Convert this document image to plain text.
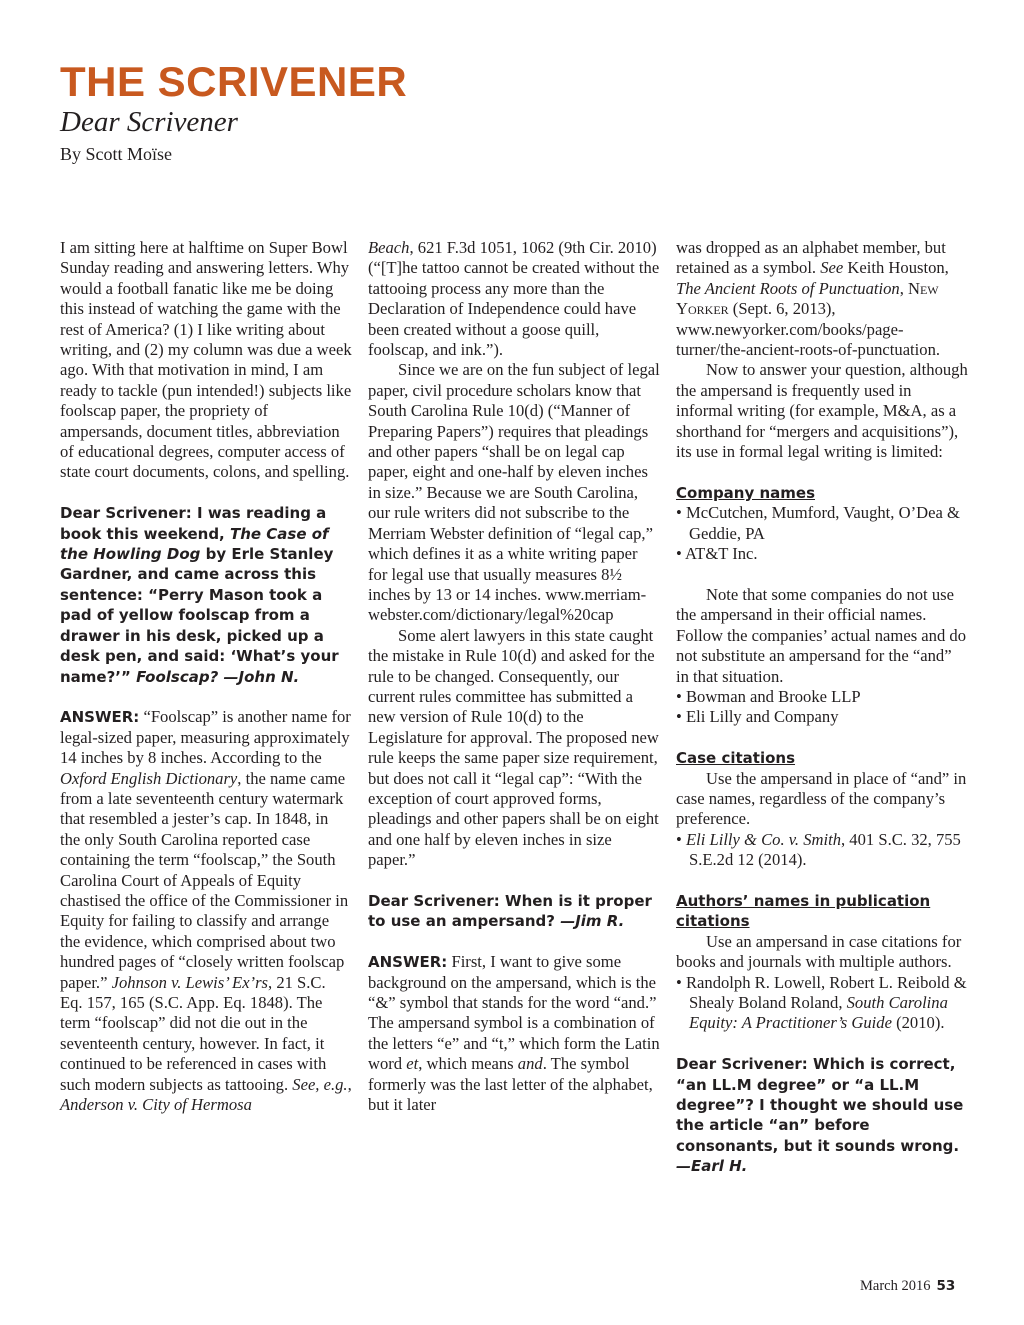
THE SCRIVENER
Dear Scrivener

By Scott Moïse

I am sitting here at halftime on Super Bowl Sunday reading and answering letters. Why would a football fanatic like me be doing this instead of watching the game with the rest of America? (1) I like writing about writing, and (2) my column was due a week ago. With that motivation in mind, I am ready to tackle (pun intended!) subjects like foolscap paper, the propriety of ampersands, document titles, abbreviation of educational degrees, computer access of state court documents, colons, and spelling.

Dear Scrivener: I was reading a book this weekend, The Case of the Howling Dog by Erle Stanley Gardner, and came across this sentence: “Perry Mason took a pad of yellow foolscap from a drawer in his desk, picked up a desk pen, and said: ‘What’s your name?’” Foolscap? —John N.

ANSWER: “Foolscap” is another name for legal-sized paper, measuring approximately 14 inches by 8 inches. According to the Oxford English Dictionary, the name came from a late seventeenth century watermark that resembled a jester’s cap. In 1848, in the only South Carolina reported case containing the term “foolscap,” the South Carolina Court of Appeals of Equity chastised the office of the Commissioner in Equity for failing to classify and arrange the evidence, which comprised about two hundred pages of “closely written foolscap paper.” Johnson v. Lewis’ Ex’rs, 21 S.C. Eq. 157, 165 (S.C. App. Eq. 1848). The term “foolscap” did not die out in the seventeenth century, however. In fact, it continued to be referenced in cases with such modern subjects as tattooing. See, e.g., Anderson v. City of Hermosa

Beach, 621 F.3d 1051, 1062 (9th Cir. 2010) (“[T]he tattoo cannot be created without the tattooing process any more than the Declaration of Independence could have been created without a goose quill, foolscap, and ink.”).

Since we are on the fun subject of legal paper, civil procedure scholars know that South Carolina Rule 10(d) (“Manner of Preparing Papers”) requires that pleadings and other papers “shall be on legal cap paper, eight and one-half by eleven inches in size.” Because we are South Carolina, our rule writers did not subscribe to the Merriam Webster definition of “legal cap,” which defines it as a white writing paper for legal use that usually measures 8½ inches by 13 or 14 inches. www.merriam-webster.com/dictionary/legal%20cap

Some alert lawyers in this state caught the mistake in Rule 10(d) and asked for the rule to be changed. Consequently, our current rules committee has submitted a new version of Rule 10(d) to the Legislature for approval. The proposed new rule keeps the same paper size requirement, but does not call it “legal cap”: “With the exception of court approved forms, pleadings and other papers shall be on eight and one half by eleven inches in size paper.”

Dear Scrivener: When is it proper to use an ampersand? —Jim R.

ANSWER: First, I want to give some background on the ampersand, which is the “&” symbol that stands for the word “and.” The ampersand symbol is a combination of the letters “e” and “t,” which form the Latin word et, which means and. The symbol formerly was the last letter of the alphabet, but it later

was dropped as an alphabet member, but retained as a symbol. See Keith Houston, The Ancient Roots of Punctuation, New Yorker (Sept. 6, 2013), www.newyorker.com/books/page-turner/the-ancient-roots-of-punctuation.

Now to answer your question, although the ampersand is frequently used in informal writing (for example, M&A, as a shorthand for “mergers and acquisitions”), its use in formal legal writing is limited:

Company names

• McCutchen, Mumford, Vaught, O’Dea & Geddie, PA

• AT&T Inc.

Note that some companies do not use the ampersand in their official names. Follow the companies’ actual names and do not substitute an ampersand for the “and” in that situation.

• Bowman and Brooke LLP

• Eli Lilly and Company

Case citations

Use the ampersand in place of “and” in case names, regardless of the company’s preference.

• Eli Lilly & Co. v. Smith, 401 S.C. 32, 755 S.E.2d 12 (2014).

Authors’ names in publication citations

Use an ampersand in case citations for books and journals with multiple authors.

• Randolph R. Lowell, Robert L. Reibold & Shealy Boland Roland, South Carolina Equity: A Practitioner’s Guide (2010).

Dear Scrivener: Which is correct, “an LL.M degree” or “a LL.M degree”? I thought we should use the article “an” before consonants, but it sounds wrong. —Earl H.

March 2016 53
